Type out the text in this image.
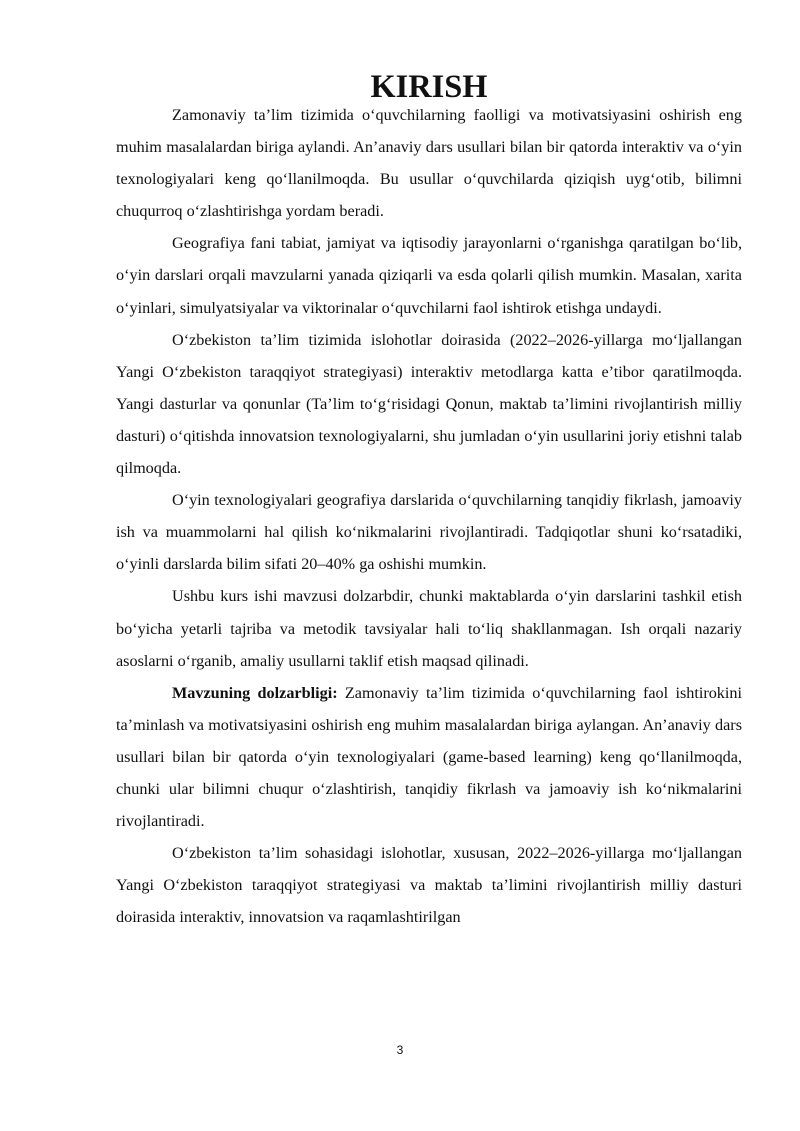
KIRISH

Zamonaviy ta’lim tizimida o‘quvchilarning faolligi va motivatsiyasini oshirish eng muhim masalalardan biriga aylandi. An’anaviy dars usullari bilan bir qatorda interaktiv va o‘yin texnologiyalari keng qo‘llanilmoqda. Bu usullar o‘quvchilarda qiziqish uyg‘otib, bilimni chuqurroq o‘zlashtirishga yordam beradi.

Geografiya fani tabiat, jamiyat va iqtisodiy jarayonlarni o‘rganishga qaratilgan bo‘lib, o‘yin darslari orqali mavzularni yanada qiziqarli va esda qolarli qilish mumkin. Masalan, xarita o‘yinlari, simulyatsiyalar va viktorinalar o‘quvchilarni faol ishtirok etishga undaydi.

O‘zbekiston ta’lim tizimida islohotlar doirasida (2022–2026-yillarga mo‘ljallangan Yangi O‘zbekiston taraqqiyot strategiyasi) interaktiv metodlarga katta e’tibor qaratilmoqda. Yangi dasturlar va qonunlar (Ta’lim to‘g‘risidagi Qonun, maktab ta’limini rivojlantirish milliy dasturi) o‘qitishda innovatsion texnologiyalarni, shu jumladan o‘yin usullarini joriy etishni talab qilmoqda.

O‘yin texnologiyalari geografiya darslarida o‘quvchilarning tanqidiy fikrlash, jamoaviy ish va muammolarni hal qilish ko‘nikmalarini rivojlantiradi. Tadqiqotlar shuni ko‘rsatadiki, o‘yinli darslarda bilim sifati 20–40% ga oshishi mumkin.

Ushbu kurs ishi mavzusi dolzarbdir, chunki maktablarda o‘yin darslarini tashkil etish bo‘yicha yetarli tajriba va metodik tavsiyalar hali to‘liq shakllanmagan. Ish orqali nazariy asoslarni o‘rganib, amaliy usullarni taklif etish maqsad qilinadi.

Mavzuning dolzarbligi: Zamonaviy ta’lim tizimida o‘quvchilarning faol ishtirokini ta’minlash va motivatsiyasini oshirish eng muhim masalalardan biriga aylangan. An’anaviy dars usullari bilan bir qatorda o‘yin texnologiyalari (game-based learning) keng qo‘llanilmoqda, chunki ular bilimni chuqur o‘zlashtirish, tanqidiy fikrlash va jamoaviy ish ko‘nikmalarini rivojlantiradi.

O‘zbekiston ta’lim sohasidagi islohotlar, xususan, 2022–2026-yillarga mo‘ljallangan Yangi O‘zbekiston taraqqiyot strategiyasi va maktab ta’limini rivojlantirish milliy dasturi doirasida interaktiv, innovatsion va raqamlashtirilgan

3
